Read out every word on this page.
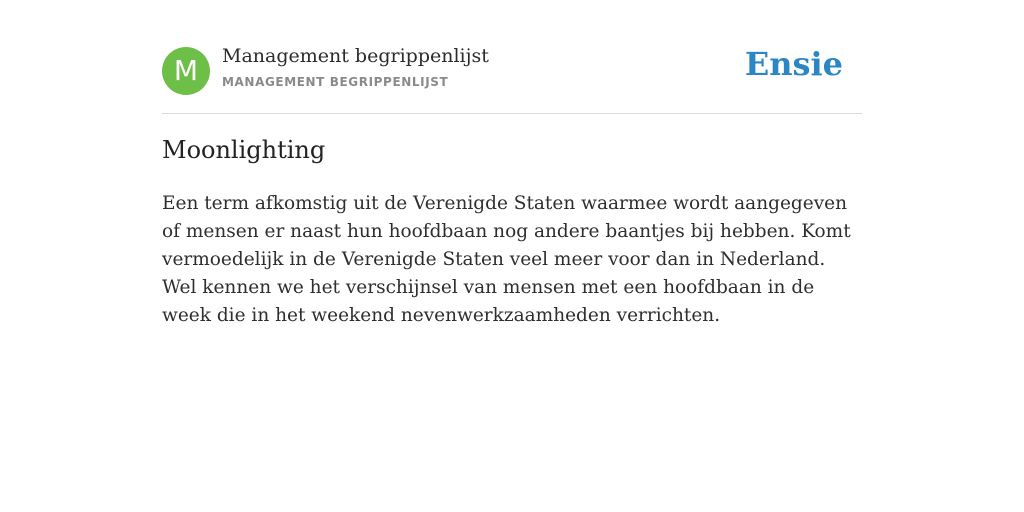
M	Management begrippenlijst
MANAGEMENT BEGRIPPENLIJST	Ensie
Moonlighting

Een term afkomstig uit de Verenigde Staten waarmee wordt aangegeven of mensen er naast hun hoofdbaan nog andere baantjes bij hebben. Komt vermoedelijk in de Verenigde Staten veel meer voor dan in Nederland. Wel kennen we het verschijnsel van mensen met een hoofdbaan in de week die in het weekend nevenwerkzaamheden verrichten.
